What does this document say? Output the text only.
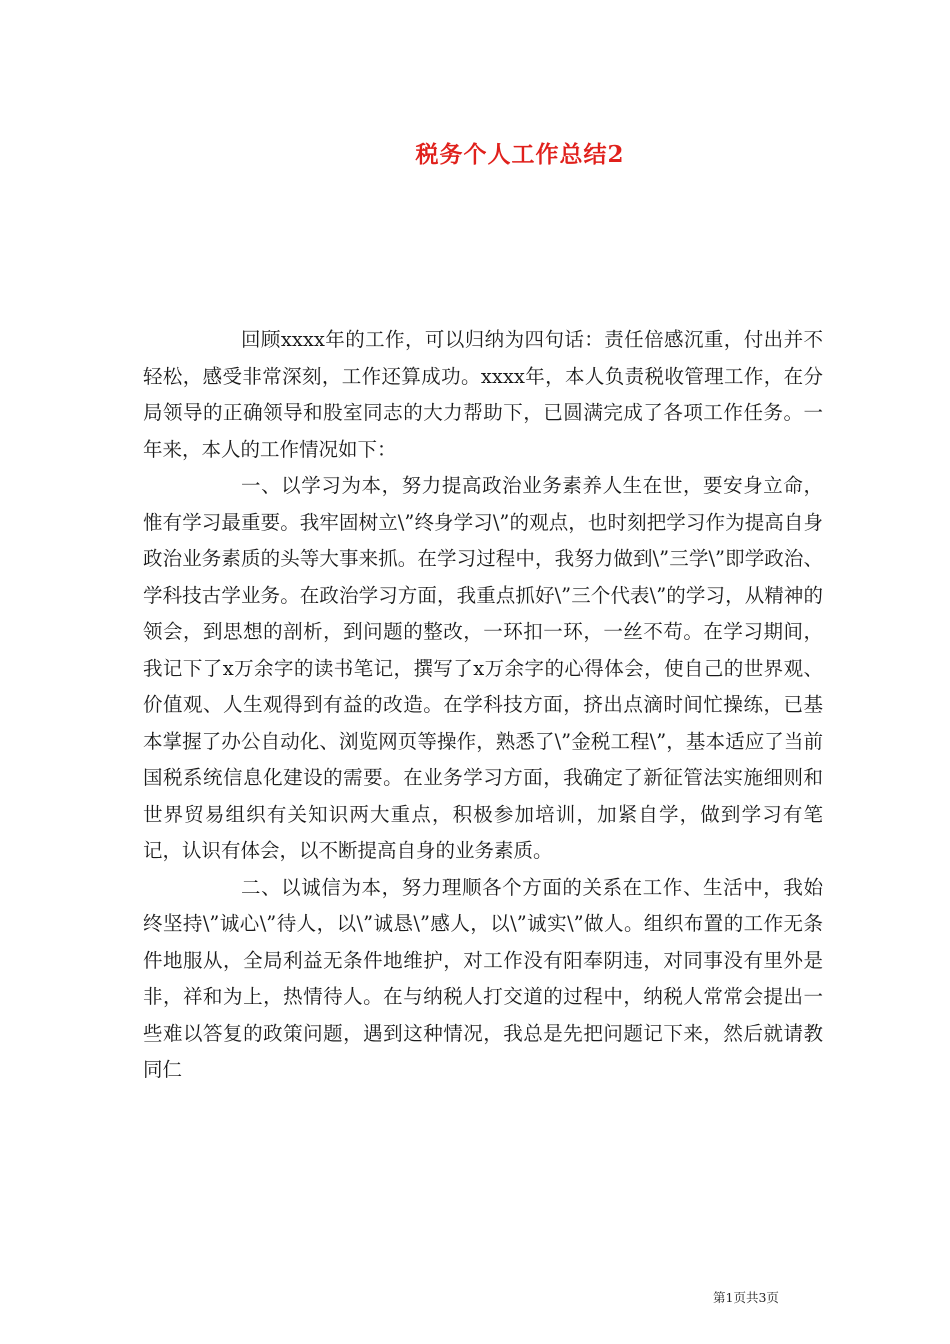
税务个人工作总结2

回顾xxxx年的工作，可以归纳为四句话：责任倍感沉重，付出并不轻松，感受非常深刻，工作还算成功。xxxx年，本人负责税收管理工作，在分局领导的正确领导和股室同志的大力帮助下，已圆满完成了各项工作任务。一年来，本人的工作情况如下：

一、以学习为本，努力提高政治业务素养人生在世，要安身立命，惟有学习最重要。我牢固树立\”终身学习\”的观点，也时刻把学习作为提高自身政治业务素质的头等大事来抓。在学习过程中，我努力做到\”三学\”即学政治、学科技古学业务。在政治学习方面，我重点抓好\”三个代表\”的学习，从精神的领会，到思想的剖析，到问题的整改，一环扣一环，一丝不苟。在学习期间，我记下了x万余字的读书笔记，撰写了x万余字的心得体会，使自己的世界观、价值观、人生观得到有益的改造。在学科技方面，挤出点滴时间忙操练，已基本掌握了办公自动化、浏览网页等操作，熟悉了\”金税工程\”，基本适应了当前国税系统信息化建设的需要。在业务学习方面，我确定了新征管法实施细则和世界贸易组织有关知识两大重点，积极参加培训，加紧自学，做到学习有笔记，认识有体会，以不断提高自身的业务素质。

二、以诚信为本，努力理顺各个方面的关系在工作、生活中，我始终坚持\”诚心\”待人，以\”诚恳\”感人，以\”诚实\”做人。组织布置的工作无条件地服从，全局利益无条件地维护，对工作没有阳奉阴违，对同事没有里外是非，祥和为上，热情待人。在与纳税人打交道的过程中，纳税人常常会提出一些难以答复的政策问题，遇到这种情况，我总是先把问题记下来，然后就请教同仁

第1页共3页
